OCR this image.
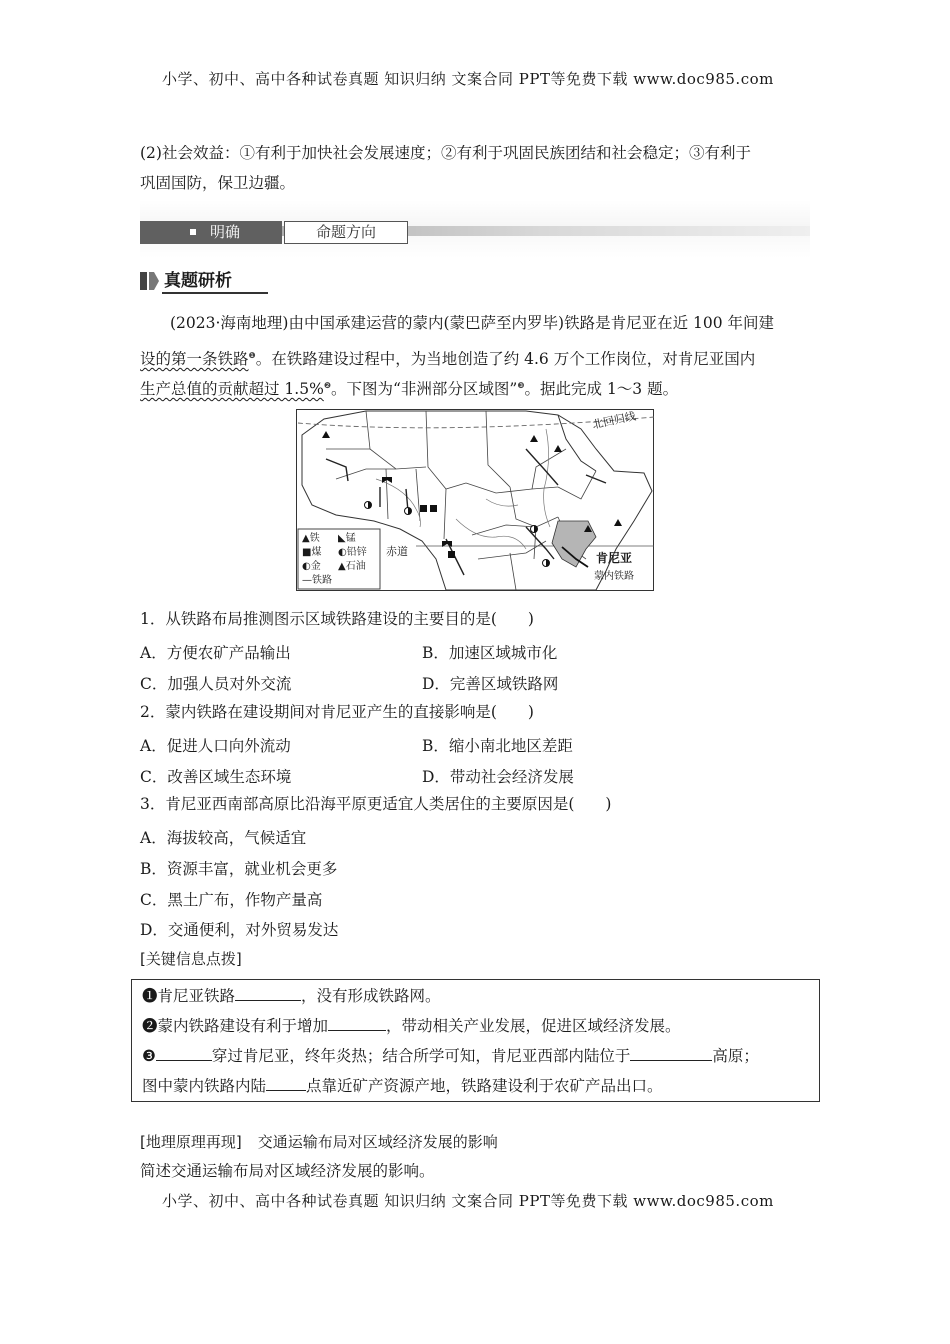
小学、初中、高中各种试卷真题 知识归纳 文案合同 PPT等免费下载 www.doc985.com
(2)社会效益：①有利于加快社会发展速度；②有利于巩固民族团结和社会稳定；③有利于
巩固国防，保卫边疆。
明确	命题方向
真题研析
(2023·海南地理)由中国承建运营的蒙内(蒙巴萨至内罗毕)铁路是肯尼亚在近 100 年间建
设的第一条铁路$^❶$。在铁路建设过程中，为当地创造了约 4.6 万个工作岗位，对肯尼亚国内
生产总值的贡献超过 1.5%$^❷$。下图为“非洲部分区域图”$^❸$。据此完成 1～3 题。
北回归线
赤道	肯尼亚
蒙内铁路
▲铁	◣锰
■煤	◐铅锌
◐金	▲石油
—铁路
1．从铁路布局推测图示区域铁路建设的主要目的是(　　)
A．方便农矿产品输出	B．加速区域城市化
C．加强人员对外交流	D．完善区域铁路网
2．蒙内铁路在建设期间对肯尼亚产生的直接影响是(　　)
A．促进人口向外流动	B．缩小南北地区差距
C．改善区域生态环境	D．带动社会经济发展
3．肯尼亚西南部高原比沿海平原更适宜人类居住的主要原因是(　　)
A．海拔较高，气候适宜
B．资源丰富，就业机会更多
C．黑土广布，作物产量高
D．交通便利，对外贸易发达
[关键信息点拨]
❶肯尼亚铁路	，没有形成铁路网。
❷蒙内铁路建设有利于增加	，带动相关产业发展，促进区域经济发展。
❸	穿过肯尼亚，终年炎热；结合所学可知，肯尼亚西部内陆位于	高原；
图中蒙内铁路内陆	点靠近矿产资源产地，铁路建设利于农矿产品出口。
[地理原理再现] 交通运输布局对区域经济发展的影响
简述交通运输布局对区域经济发展的影响。
小学、初中、高中各种试卷真题 知识归纳 文案合同 PPT等免费下载 www.doc985.com
